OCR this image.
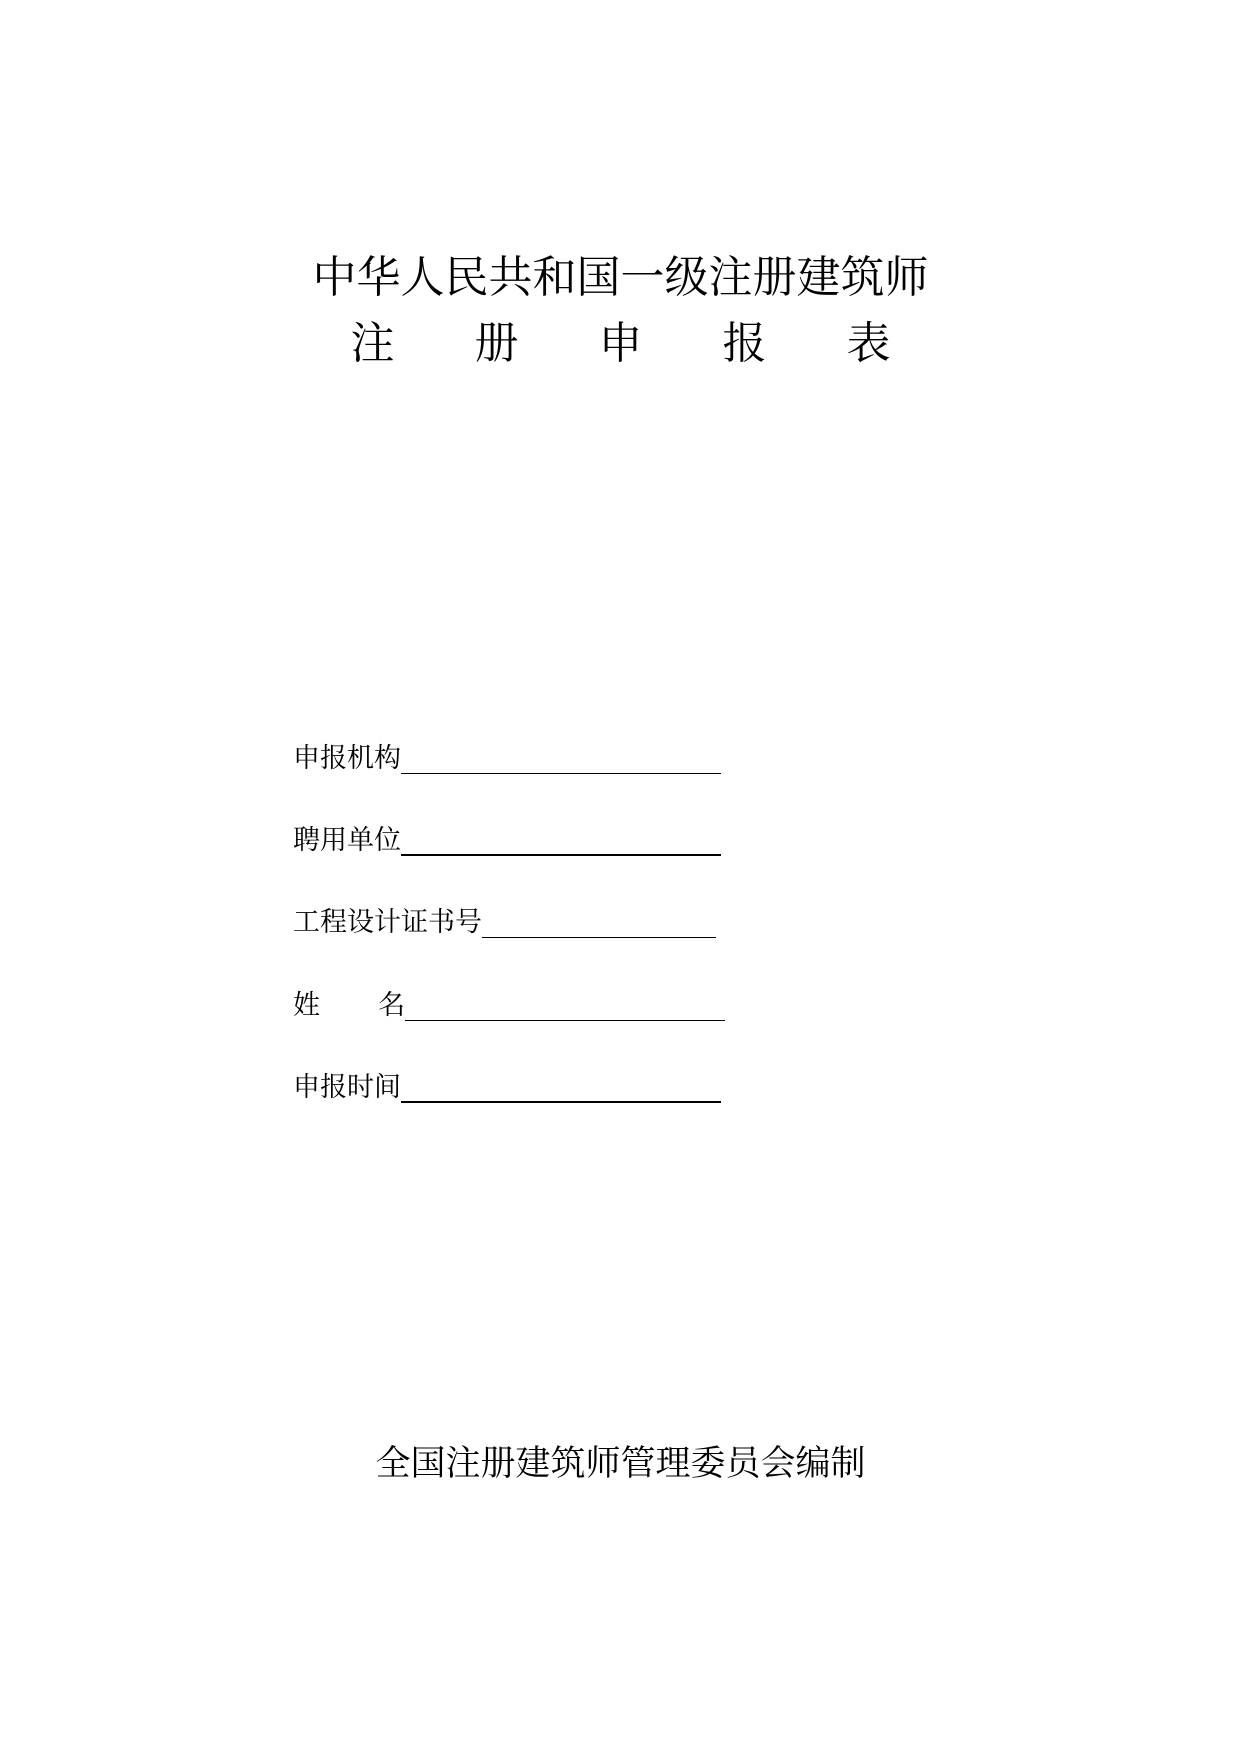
中华人民共和国一级注册建筑师
注 册 申 报 表
申报机构
聘用单位
工程设计证书号
姓 名
申报时间
全国注册建筑师管理委员会编制
